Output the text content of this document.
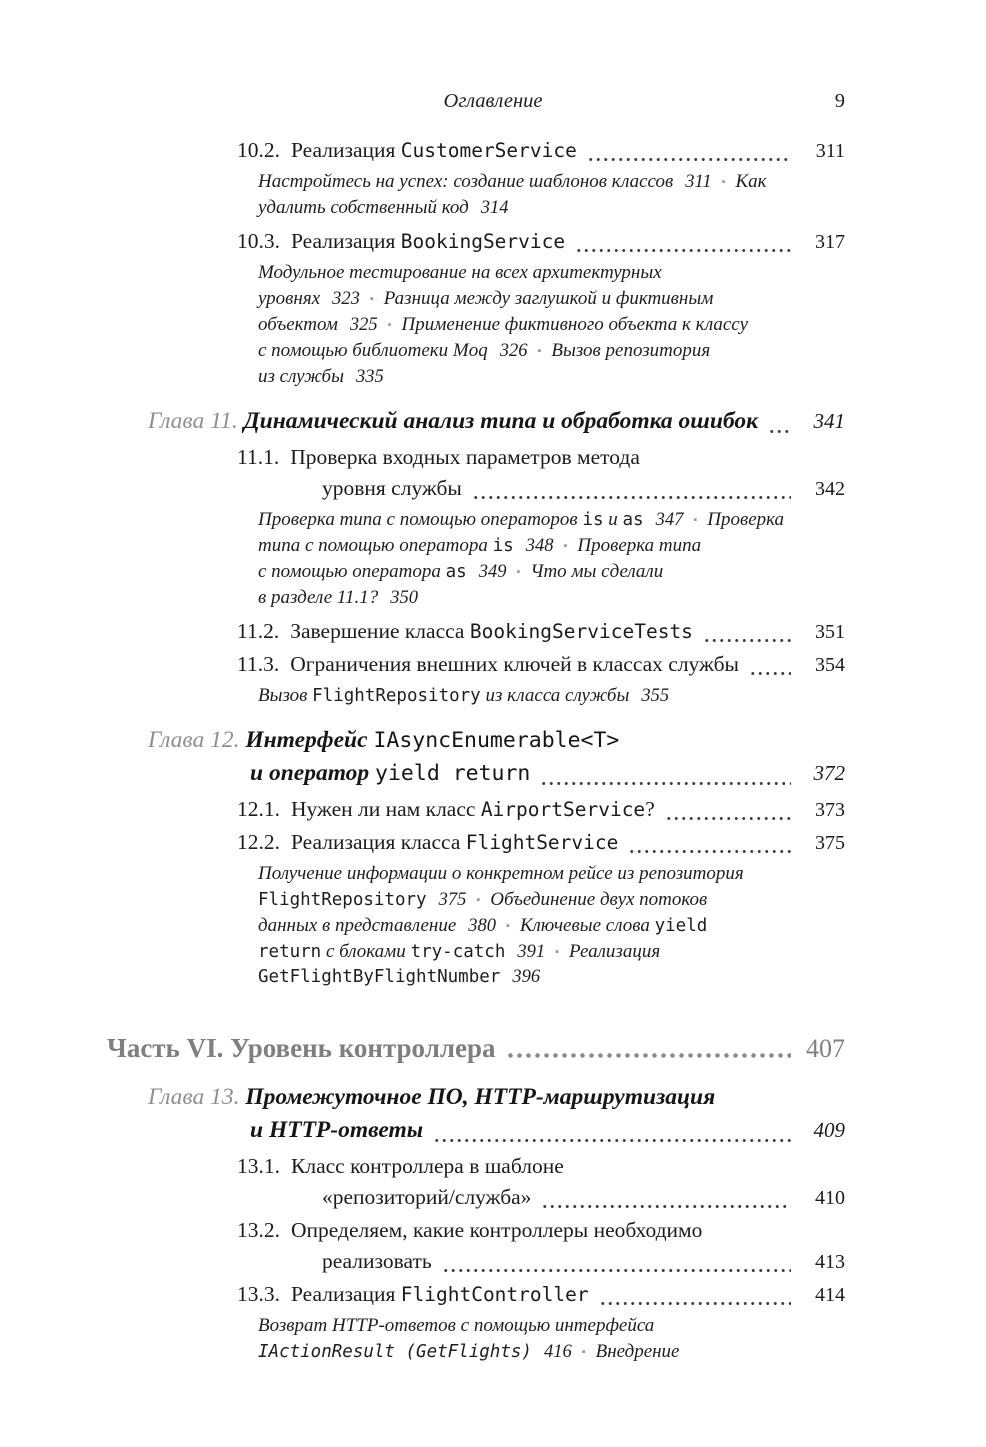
Оглавление	9
10.2. Реализация CustomerService	311
Настройтесь на успех: создание шаблонов классов 311 ▪ Как
удалить собственный код 314
10.3. Реализация BookingService	317
Модульное тестирование на всех архитектурных
уровнях 323 ▪ Разница между заглушкой и фиктивным
объектом 325 ▪ Применение фиктивного объекта к классу
с помощью библиотеки Moq 326 ▪ Вызов репозитория
из службы 335
Глава 11. Динамический анализ типа и обработка ошибок	341
11.1. Проверка входных параметров метода
уровня службы	342
Проверка типа с помощью операторов is и as 347 ▪ Проверка
типа с помощью оператора is 348 ▪ Проверка типа
с помощью оператора as 349 ▪ Что мы сделали
в разделе 11.1? 350
11.2. Завершение класса BookingServiceTests	351
11.3. Ограничения внешних ключей в классах службы	354
Вызов FlightRepository из класса службы 355
Глава 12. Интерфейс IAsyncEnumerable<T>
и оператор yield return	372
12.1. Нужен ли нам класс AirportService?	373
12.2. Реализация класса FlightService	375
Получение информации о конкретном рейсе из репозитория
FlightRepository 375 ▪ Объединение двух потоков
данных в представление 380 ▪ Ключевые слова yield
return с блоками try-catch 391 ▪ Реализация
GetFlightByFlightNumber 396
Часть VI. Уровень контроллера	407
Глава 13. Промежуточное ПО, HTTP-маршрутизация
и HTTP-ответы	409
13.1. Класс контроллера в шаблоне
«репозиторий/служба»	410
13.2. Определяем, какие контроллеры необходимо
реализовать	413
13.3. Реализация FlightController	414
Возврат HTTP-ответов с помощью интерфейса
IActionResult (GetFlights) 416 ▪ Внедрение
